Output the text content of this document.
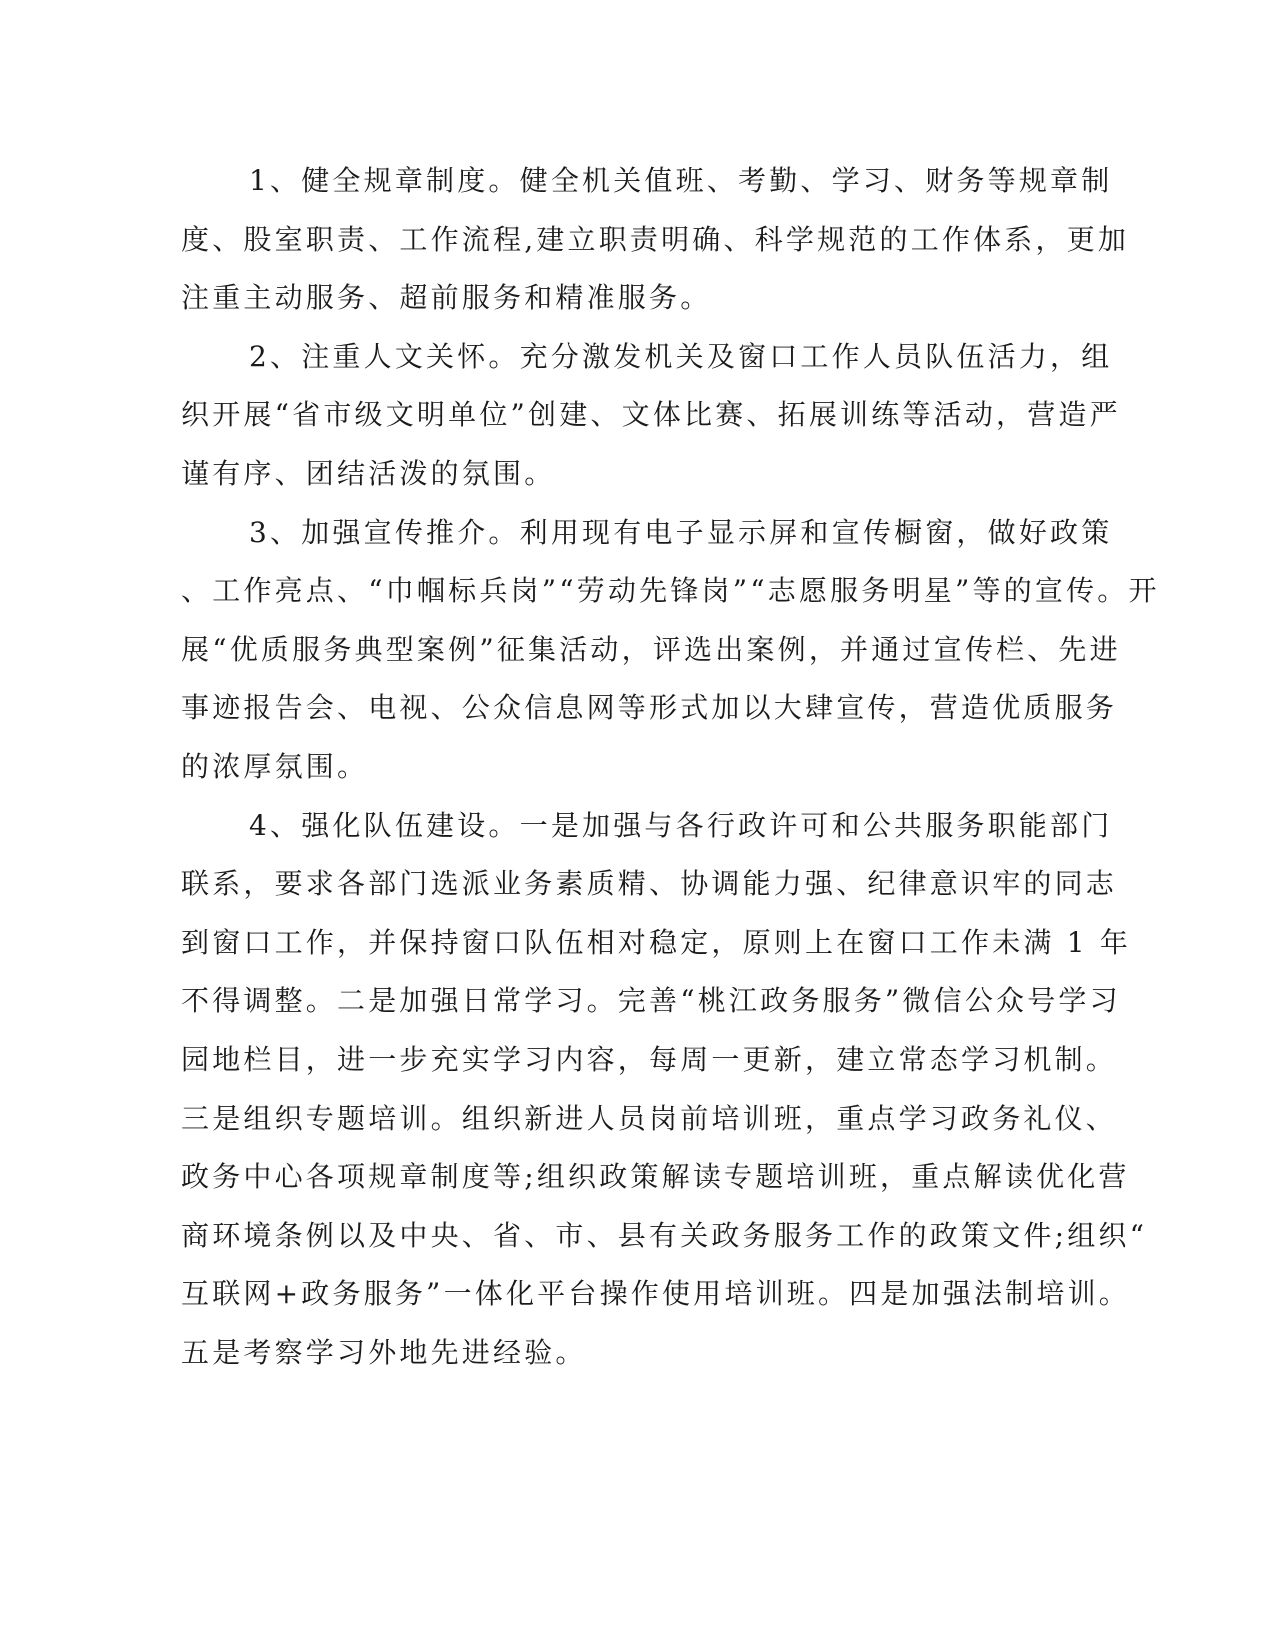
1、健全规章制度。健全机关值班、考勤、学习、财务等规章制
度、股室职责、工作流程,建立职责明确、科学规范的工作体系，更加
注重主动服务、超前服务和精准服务。
2、注重人文关怀。充分激发机关及窗口工作人员队伍活力，组
织开展“省市级文明单位”创建、文体比赛、拓展训练等活动，营造严
谨有序、团结活泼的氛围。
3、加强宣传推介。利用现有电子显示屏和宣传橱窗，做好政策
、工作亮点、“巾帼标兵岗”“劳动先锋岗”“志愿服务明星”等的宣传。开
展“优质服务典型案例”征集活动，评选出案例，并通过宣传栏、先进
事迹报告会、电视、公众信息网等形式加以大肆宣传，营造优质服务
的浓厚氛围。
4、强化队伍建设。一是加强与各行政许可和公共服务职能部门
联系，要求各部门选派业务素质精、协调能力强、纪律意识牢的同志
到窗口工作，并保持窗口队伍相对稳定，原则上在窗口工作未满 1 年
不得调整。二是加强日常学习。完善“桃江政务服务”微信公众号学习
园地栏目，进一步充实学习内容，每周一更新，建立常态学习机制。
三是组织专题培训。组织新进人员岗前培训班，重点学习政务礼仪、
政务中心各项规章制度等;组织政策解读专题培训班，重点解读优化营
商环境条例以及中央、省、市、县有关政务服务工作的政策文件;组织“
互联网+政务服务”一体化平台操作使用培训班。四是加强法制培训。
五是考察学习外地先进经验。
